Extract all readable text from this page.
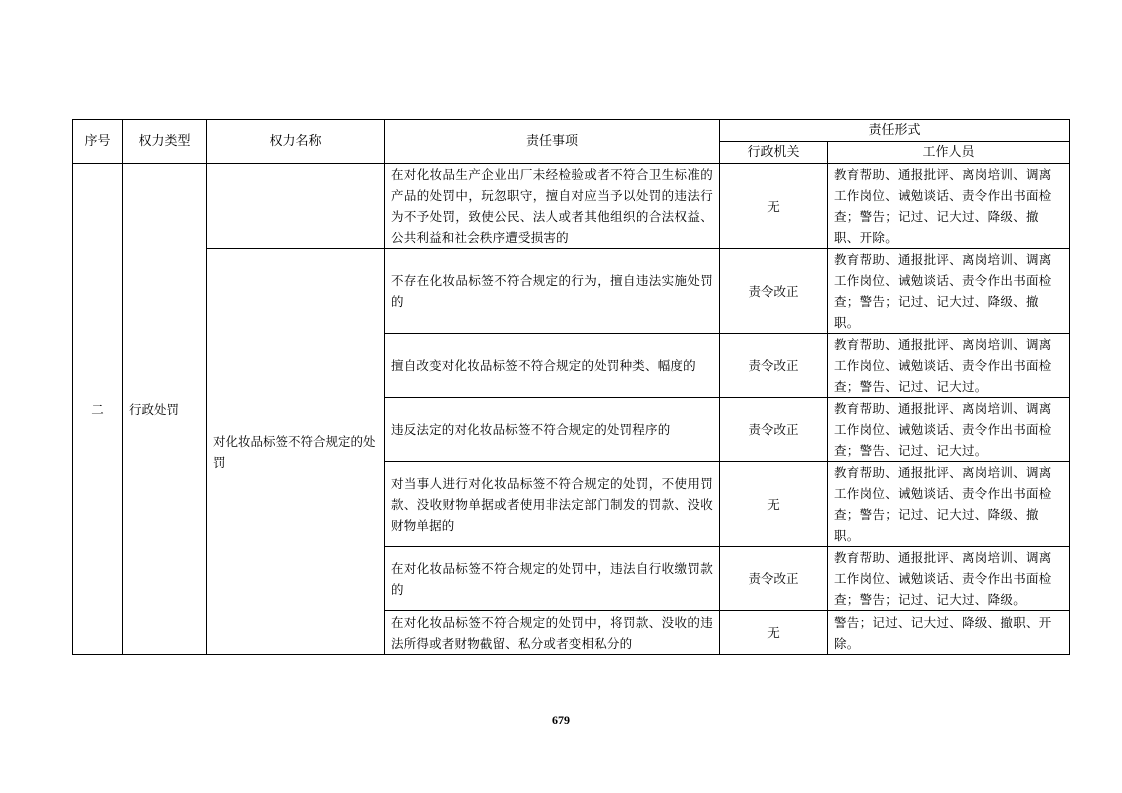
序号	权力类型	权力名称	责任事项	责任形式	
				行政机关	工作人员
二	行政处罚		在对化妆品生产企业出厂未经检验或者不符合卫生标准的产品的处罚中，玩忽职守，擅自对应当予以处罚的违法行为不予处罚，致使公民、法人或者其他组织的合法权益、公共利益和社会秩序遭受损害的	无	教育帮助、通报批评、离岗培训、调离工作岗位、诫勉谈话、责令作出书面检查；警告；记过、记大过、降级、撤职、开除。
		对化妆品标签不符合规定的处罚	不存在化妆品标签不符合规定的行为，擅自违法实施处罚的	责令改正	教育帮助、通报批评、离岗培训、调离工作岗位、诫勉谈话、责令作出书面检查；警告；记过、记大过、降级、撤职。
			擅自改变对化妆品标签不符合规定的处罚种类、幅度的	责令改正	教育帮助、通报批评、离岗培训、调离工作岗位、诫勉谈话、责令作出书面检查；警告、记过、记大过。
			违反法定的对化妆品标签不符合规定的处罚程序的	责令改正	教育帮助、通报批评、离岗培训、调离工作岗位、诫勉谈话、责令作出书面检查；警告、记过、记大过。
			对当事人进行对化妆品标签不符合规定的处罚，不使用罚款、没收财物单据或者使用非法定部门制发的罚款、没收财物单据的	无	教育帮助、通报批评、离岗培训、调离工作岗位、诫勉谈话、责令作出书面检查；警告；记过、记大过、降级、撤职。
			在对化妆品标签不符合规定的处罚中，违法自行收缴罚款的	责令改正	教育帮助、通报批评、离岗培训、调离工作岗位、诫勉谈话、责令作出书面检查；警告；记过、记大过、降级。
			在对化妆品标签不符合规定的处罚中，将罚款、没收的违法所得或者财物截留、私分或者变相私分的	无	警告；记过、记大过、降级、撤职、开除。
679
